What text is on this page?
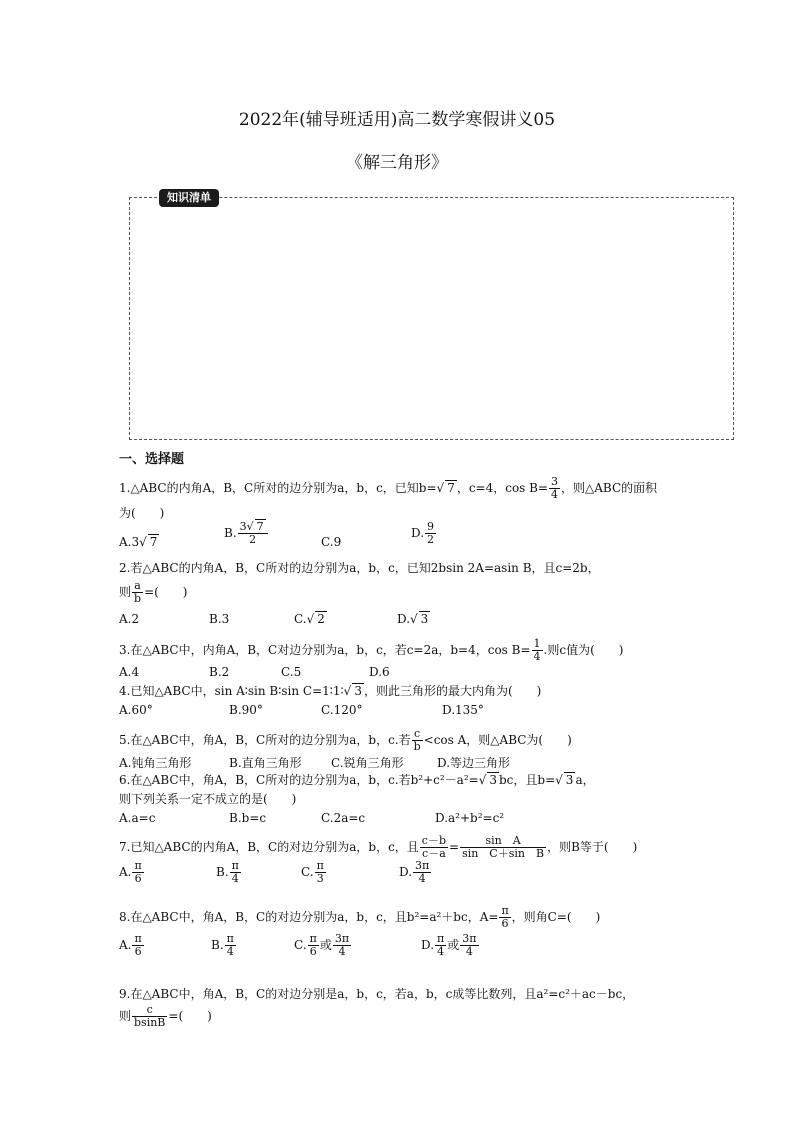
2022年(辅导班适用)高二数学寒假讲义05
《解三角形》
知识清单
一、选择题
1.△ABC的内角A，B，C所对的边分别为a，b，c，已知b=√ 7 ，c=4，$\cos B= \frac{3}{4}$ ，则△ABC的面积
为(　　)
A.3√ 7
B. $\frac{3√ 7}{2}$	C.9
D. $\frac{9}{2}$
2.若△ABC的内角A，B，C所对的边分别为a，b，c，已知2bsin 2A=asin B，且c=2b，
则 $\frac{a}{b}$ =(　　)
A.2	B.3	C.√ 2	D.√ 3
3.在△ABC中，内角A，B，C对边分别为a，b，c，若c=2a，b=4，$\cos B= \frac{1}{4}$ .则c值为(　　)
A.4	B.2	C.5	D.6
4.已知△ABC中，sin A∶sin B∶sin C=1∶1∶√ 3 ，则此三角形的最大内角为(　　)
A.60°	B.90°	C.120°	D.135°
5.在△ABC中，角A，B，C所对的边分别为a，b，c.若 $\frac{c}{b} <\cos$ A，则△ABC为(　　)
A.钝角三角形	B.直角三角形 C.锐角三角形	D.等边三角形
6.在△ABC中，角A，B，C所对的边分别为a，b，c.若b²+c²－a²=√ 3 bc，且b=√ 3 a，
则下列关系一定不成立的是(　　)
A.a=c	B.b=c	C.2a=c	D.a²+b²=c²
7.已知△ABC的内角A，B，C的对边分别为a，b，c，且 $\frac{c-b}{c-a} = \frac{\text{sin　A}}{\text{sin　C＋sin　B}}$ ，则B等于(　　)
A. $\frac{\pi}{6}$	B. $\frac{\pi}{4}$	C. $\frac{\pi}{3}$	D. $\frac{3\pi}{4}$
8.在△ABC中，角A，B，C的对边分别为a，b，c，且b²=a²＋bc，$A= \frac{\pi}{6}$ ，则角C=(　　)
A. $\frac{\pi}{6}$	B. $\frac{\pi}{4}$	C. $\frac{\pi}{6}$ 或 $\frac{3\pi}{4}$	D. $\frac{\pi}{4}$ 或 $\frac{3\pi}{4}$
9.在△ABC中，角A，B，C的对边分别是a，b，c，若a，b，c成等比数列，且a²=c²＋ac－bc，
则 $\frac{c}{bsinB}$ =(　　)
